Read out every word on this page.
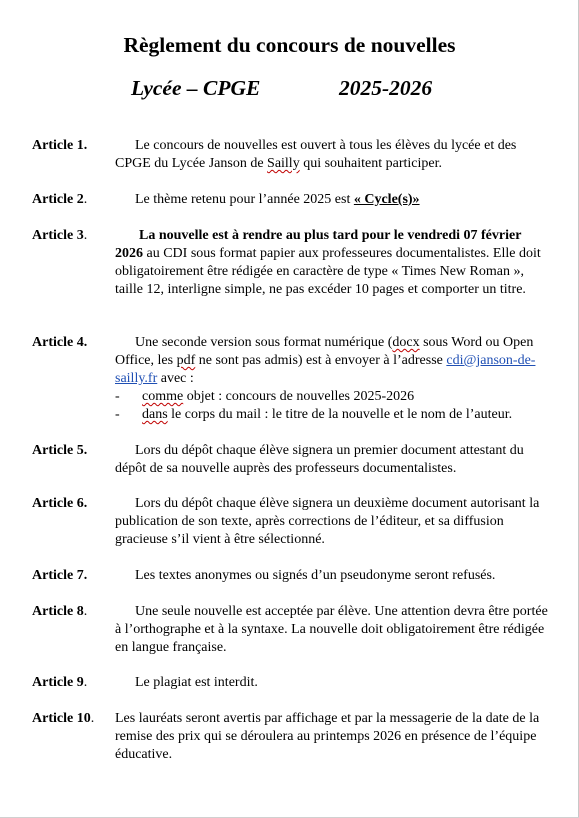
Règlement du concours de nouvelles
Lycée – CPGE	2025-2026
Article 1.	Le concours de nouvelles est ouvert à tous les élèves du lycée et des CPGE du Lycée Janson de Sailly qui souhaitent participer.

Article 2.	Le thème retenu pour l’année 2025 est « Cycle(s)»

Article 3.	La nouvelle est à rendre au plus tard pour le vendredi 07 février 2026 au CDI sous format papier aux professeures documentalistes. Elle doit obligatoirement être rédigée en caractère de type « Times New Roman », taille 12, interligne simple, ne pas excéder 10 pages et comporter un titre.

Article 4.	Une seconde version sous format numérique (docx sous Word ou Open Office, les pdf ne sont pas admis) est à envoyer à l’adresse cdi@janson-de-sailly.fr avec :

- comme objet : concours de nouvelles 2025-2026

- dans le corps du mail : le titre de la nouvelle et le nom de l’auteur.

Article 5.	Lors du dépôt chaque élève signera un premier document attestant du dépôt de sa nouvelle auprès des professeurs documentalistes.

Article 6.	Lors du dépôt chaque élève signera un deuxième document autorisant la publication de son texte, après corrections de l’éditeur, et sa diffusion gracieuse s’il vient à être sélectionné.

Article 7.	Les textes anonymes ou signés d’un pseudonyme seront refusés.

Article 8.	Une seule nouvelle est acceptée par élève. Une attention devra être portée à l’orthographe et à la syntaxe. La nouvelle doit obligatoirement être rédigée en langue française.

Article 9.	Le plagiat est interdit.

Article 10. Les lauréats seront avertis par affichage et par la messagerie de la date de la remise des prix qui se déroulera au printemps 2026 en présence de l’équipe éducative.
